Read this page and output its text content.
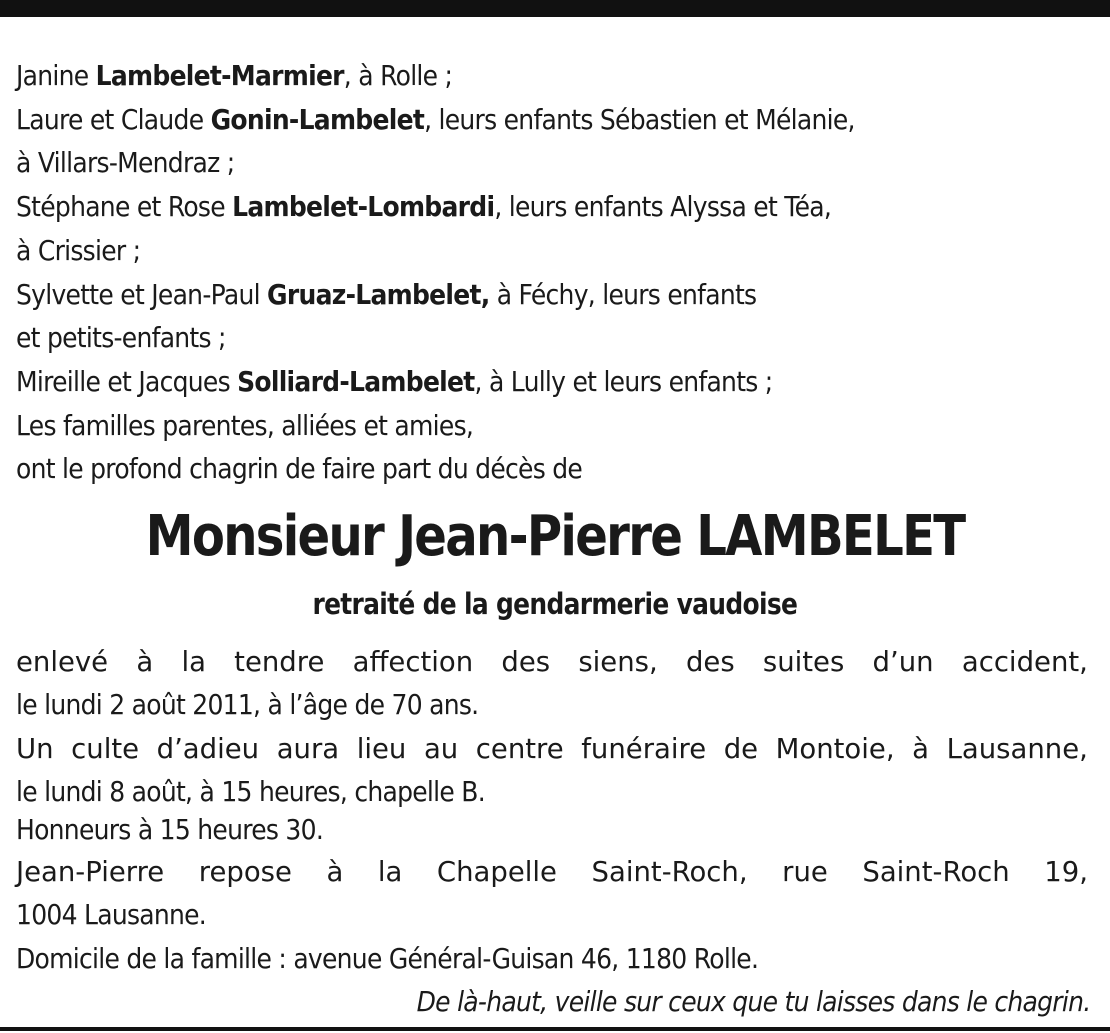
Janine Lambelet-Marmier, à Rolle ;
Laure et Claude Gonin-Lambelet, leurs enfants Sébastien et Mélanie,
à Villars-Mendraz ;
Stéphane et Rose Lambelet-Lombardi, leurs enfants Alyssa et Téa,
à Crissier ;
Sylvette et Jean-Paul Gruaz-Lambelet, à Féchy, leurs enfants
et petits-enfants ;
Mireille et Jacques Solliard-Lambelet, à Lully et leurs enfants ;
Les familles parentes, alliées et amies,
ont le profond chagrin de faire part du décès de
Monsieur Jean-Pierre LAMBELET
retraité de la gendarmerie vaudoise
enlevé à la tendre affection des siens, des suites d’un accident,
le lundi 2 août 2011, à l’âge de 70 ans.
Un culte d’adieu aura lieu au centre funéraire de Montoie, à Lausanne,
le lundi 8 août, à 15 heures, chapelle B.
Honneurs à 15 heures 30.
Jean-Pierre repose à la Chapelle Saint-Roch, rue Saint-Roch 19,
1004 Lausanne.
Domicile de la famille : avenue Général-Guisan 46, 1180 Rolle.
De là-haut, veille sur ceux que tu laisses dans le chagrin.
